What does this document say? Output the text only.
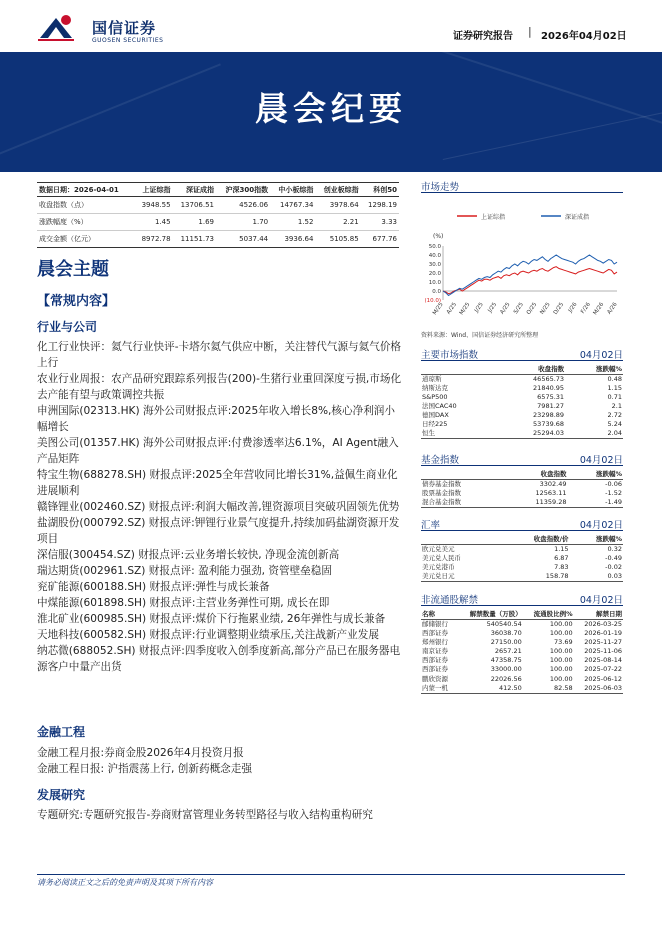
国信证券
GUOSEN SECURITIES	证券研究报告 | 2026年04月02日
晨会纪要
数据日期：2026-04-01	上证综指	深证成指	沪深300指数	中小板综指	创业板综指	科创50
收盘指数（点）	3948.55	13706.51	4526.06	14767.34	3978.64	1298.19
涨跌幅度（%）	1.45	1.69	1.70	1.52	2.21	3.33
成交金额（亿元）	8972.78	11151.73	5037.44	3936.64	5105.85	677.76
晨会主题
【常规内容】
行业与公司
化工行业快评：氦气行业快评-卡塔尔氦气供应中断，关注替代气源与氦气价格上行
农业行业周报：农产品研究跟踪系列报告(200)-生猪行业重回深度亏损,市场化去产能有望与政策调控共振
申洲国际(02313.HK) 海外公司财报点评:2025年收入增长8%,核心净利润小幅增长
美图公司(01357.HK) 海外公司财报点评:付费渗透率达6.1%，AI Agent融入产品矩阵
特宝生物(688278.SH) 财报点评:2025全年营收同比增长31%,益佩生商业化进展顺利
赣锋锂业(002460.SZ) 财报点评:利润大幅改善,锂资源项目突破巩固领先优势
盐湖股份(000792.SZ) 财报点评:钾锂行业景气度提升,持续加码盐湖资源开发项目
深信服(300454.SZ) 财报点评:云业务增长较快, 净现金流创新高
瑞达期货(002961.SZ) 财报点评: 盈利能力强劲, 资管壁垒稳固
兖矿能源(600188.SH) 财报点评:弹性与成长兼备
中煤能源(601898.SH) 财报点评:主营业务弹性可期, 成长在即
淮北矿业(600985.SH) 财报点评:煤价下行拖累业绩, 26年弹性与成长兼备
天地科技(600582.SH) 财报点评:行业调整期业绩承压,关注战新产业发展
纳芯微(688052.SH) 财报点评:四季度收入创季度新高,部分产品已在服务器电源客户中量产出货
金融工程
金融工程月报:券商金股2026年4月投资月报
金融工程日报: 沪指震荡上行, 创新药概念走强
发展研究
专题研究:专题研究报告-券商财富管理业务转型路径与收入结构重构研究
市场走势
上证综指	深证成指
(%)
50.0
40.0
30.0
20.0
10.0
0.0
(10.0)
M/25 A/25 M/25 J/25 J/25 A/25 S/25 O/25 N/25 D/25 J/26 F/26 M/26 A/26
资料来源：Wind、国信证券经济研究所整理
主要市场指数	04月02日
	收盘指数	涨跌幅%
道琼斯	46565.73	0.48
纳斯达克	21840.95	1.15
S&P500	6575.31	0.71
法国CAC40	7981.27	2.1
德国DAX	23298.89	2.72
日经225	53739.68	5.24
恒生	25294.03	2.04
基金指数	04月02日
	收盘指数	涨跌幅%
债券基金指数	3302.49	-0.06
股票基金指数	12563.11	-1.52
混合基金指数	11359.28	-1.49
汇率	04月02日
	收盘指数/价	涨跌幅%
欧元兑美元	1.15	0.32
美元兑人民币	6.87	-0.49
美元兑港币	7.83	-0.02
美元兑日元	158.78	0.03
非流通股解禁	04月02日
名称	解禁数量（万股）	流通股比例%	解禁日期
邮储银行	540540.54	100.00	2026-03-25
西部证券	36038.70	100.00	2026-01-19
郑州银行	27150.00	73.69	2025-11-27
南京证券	2657.21	100.00	2025-11-06
西部证券	47358.75	100.00	2025-08-14
西部证券	33000.00	100.00	2025-07-22
鹏欣资源	22026.56	100.00	2025-06-12
内蒙一机	412.50	82.58	2025-06-03
请务必阅读正文之后的免责声明及其项下所有内容
